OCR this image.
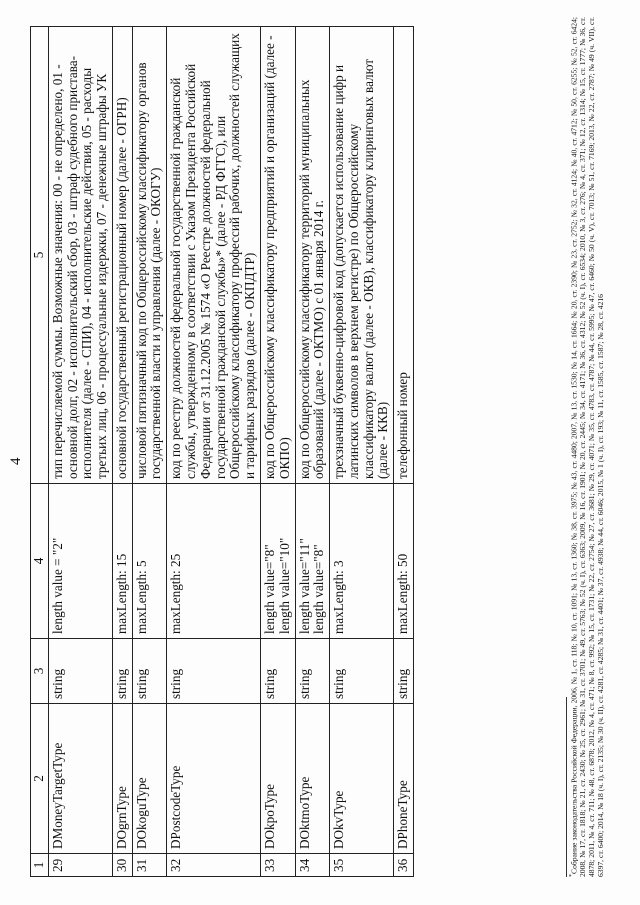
4
1	2	3	4	5
29	DMoneyTargetType	string	length value = "2"	тип перечисляемой суммы. Возможные значения: 00 - не определено, 01 - основной долг, 02 - исполнительский сбор, 03 - штраф судебного пристава-исполнителя (далее - СПИ), 04 - исполнительские действия, 05 - расходы третьих лиц, 06 - процессуальные издержки, 07 - денежные штрафы УК
30	DOgrnType	string	maxLength: 15	основной государственный регистрационный номер (далее - ОГРН)
31	DOkoguType	string	maxLength: 5	числовой пятизначный код по Общероссийскому классификатору органов государственной власти и управления (далее - ОКОГУ)
32	DPostcodeType	string	maxLength: 25	код по реестру должностей федеральной государственной гражданской службы, утвержденному в соответствии с Указом Президента Российской Федерации от 31.12.2005 № 1574 «О Реестре должностей федеральной государственной гражданской службы»* (далее - РД ФГГС), или Общероссийскому классификатору профессий рабочих, должностей служащих и тарифных разрядов (далее - ОКПДТР)
33	DOkpoType	string	length value="8" length value="10"	код по Общероссийскому классификатору предприятий и организаций (далее - ОКПО)
34	DOktmoType	string	length value="11" length value="8"	код по Общероссийскому классификатору территорий муниципальных образований (далее - ОКТМО) с 01 января 2014 г.
35	DOkvType	string	maxLength: 3	трехзначный буквенно-цифровой код (допускается использование цифр и латинских символов в верхнем регистре) по Общероссийскому классификатору валют (далее - ОКВ), классификатору клиринговых валют (далее - ККВ)
36	DPhoneType	string	maxLength: 50	телефонный номер
*Собрание законодательства Российской Федерации, 2006, № 1, ст. 118; № 10, ст. 1091; № 13, ст. 1360; № 38, ст. 3975; № 43, ст. 4480; 2007, № 13, ст. 1530; № 14, ст. 1664; № 20, ст. 2390; № 23, ст. 2752; № 32, ст. 4124; № 40, ст. 4712; № 50, ст. 6255; № 52, ст. 6424; 2008, № 17, ст. 1818; № 21, ст. 2430; № 25, ст. 2961; № 31, ст. 3701; № 49, ст. 5763; № 52 (ч. I), ст. 6363; 2009, № 16, ст. 1901; № 20, ст. 2445; № 34, ст. 4171; № 36, ст. 4312; № 52 (ч. I), ст. 6534; 2010, № 3, ст. 276; № 4, ст. 371; № 12, ст. 1314; № 15, ст. 1777; № 36, ст. 4878; 2011, № 4, ст. 711; № 48, ст. 6878; 2012, № 4, ст. 471; № 8, ст. 992; № 15, ст. 1731; № 22, ст. 2754; № 27, ст. 3681; № 29, ст. 4071; № 35, ст. 4783, ст. 4787; № 44, ст. 5995; № 47, ст. 6460; № 50 (ч. V), ст. 7013; № 51, ст. 7169; 2013, № 22, ст. 2787; № 49 (ч. VII), ст. 6397, ст. 6400; 2014, № 18 (ч. I), ст. 2135; № 30 (ч. II), ст. 4281, ст. 4285; № 31, ст. 4401; № 37, ст. 4938; № 44, ст. 6046; 2015, № 1 (ч. I), ст. 193; № 11, ст. 1585, ст. 1587; № 28, ст. 4216
